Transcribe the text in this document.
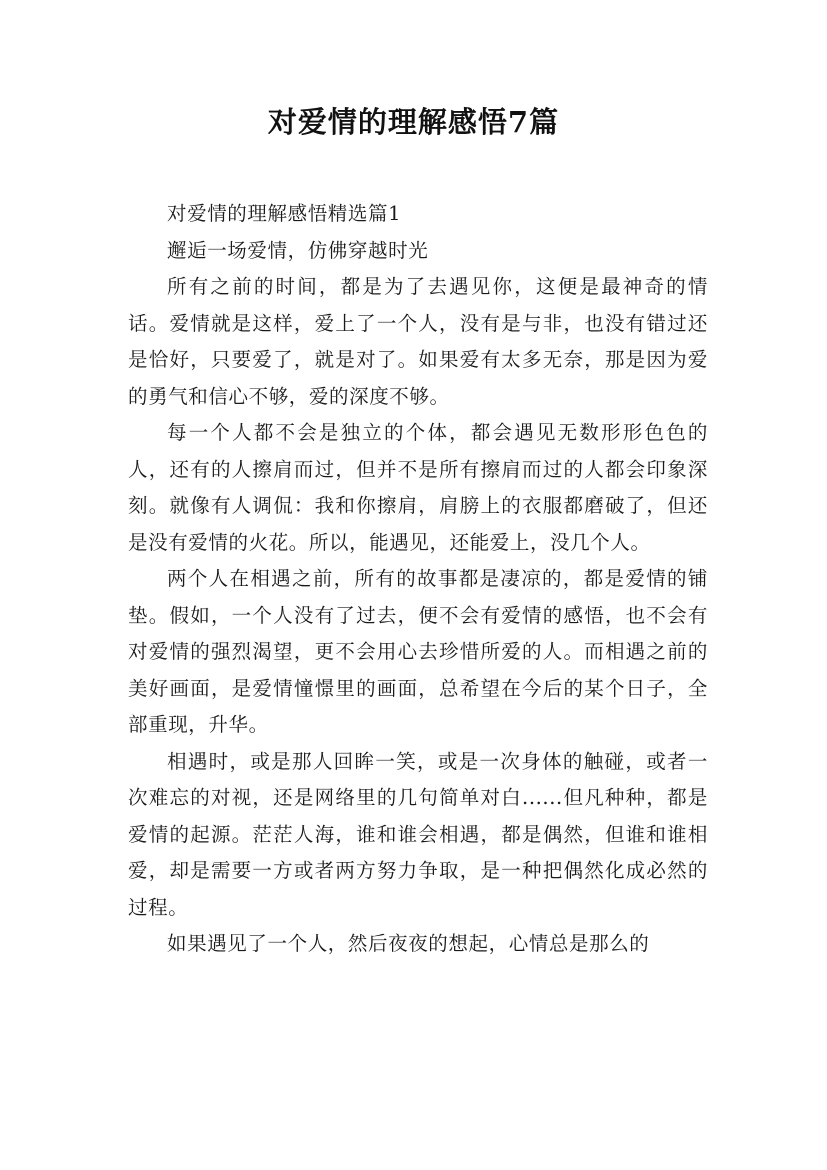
对爱情的理解感悟7篇

对爱情的理解感悟精选篇1

邂逅一场爱情，仿佛穿越时光

所有之前的时间，都是为了去遇见你，这便是最神奇的情话。爱情就是这样，爱上了一个人，没有是与非，也没有错过还是恰好，只要爱了，就是对了。如果爱有太多无奈，那是因为爱的勇气和信心不够，爱的深度不够。

每一个人都不会是独立的个体，都会遇见无数形形色色的人，还有的人擦肩而过，但并不是所有擦肩而过的人都会印象深刻。就像有人调侃：我和你擦肩，肩膀上的衣服都磨破了，但还是没有爱情的火花。所以，能遇见，还能爱上，没几个人。

两个人在相遇之前，所有的故事都是凄凉的，都是爱情的铺垫。假如，一个人没有了过去，便不会有爱情的感悟，也不会有对爱情的强烈渴望，更不会用心去珍惜所爱的人。而相遇之前的美好画面，是爱情憧憬里的画面，总希望在今后的某个日子，全部重现，升华。

相遇时，或是那人回眸一笑，或是一次身体的触碰，或者一次难忘的对视，还是网络里的几句简单对白......但凡种种，都是爱情的起源。茫茫人海，谁和谁会相遇，都是偶然，但谁和谁相爱，却是需要一方或者两方努力争取，是一种把偶然化成必然的过程。

如果遇见了一个人，然后夜夜的想起，心情总是那么的
